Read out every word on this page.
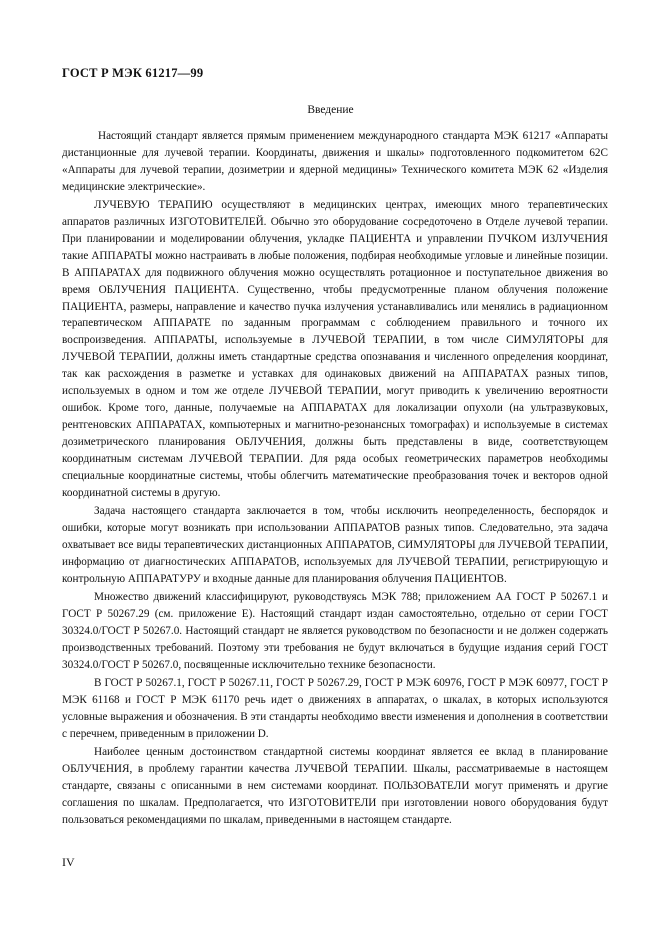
ГОСТ Р МЭК 61217—99
Введение

Настоящий стандарт является прямым применением международного стандарта МЭК 61217 «Аппараты дистанционные для лучевой терапии. Координаты, движения и шкалы» подготовленного подкомитетом 62С «Аппараты для лучевой терапии, дозиметрии и ядерной медицины» Технического комитета МЭК 62 «Изделия медицинские электрические».

ЛУЧЕВУЮ ТЕРАПИЮ осуществляют в медицинских центрах, имеющих много терапевтических аппаратов различных ИЗГОТОВИТЕЛЕЙ. Обычно это оборудование сосредоточено в Отделе лучевой терапии. При планировании и моделировании облучения, укладке ПАЦИЕНТА и управлении ПУЧКОМ ИЗЛУЧЕНИЯ такие АППАРАТЫ можно настраивать в любые положения, подбирая необходимые угловые и линейные позиции. В АППАРАТАХ для подвижного облучения можно осуществлять ротационное и поступательное движения во время ОБЛУЧЕНИЯ ПАЦИЕНТА. Существенно, чтобы предусмотренные планом облучения положение ПАЦИЕНТА, размеры, направление и качество пучка излучения устанавливались или менялись в радиационном терапевтическом АППАРАТЕ по заданным программам с соблюдением правильного и точного их воспроизведения. АППАРАТЫ, используемые в ЛУЧЕВОЙ ТЕРАПИИ, в том числе СИМУЛЯТОРЫ для ЛУЧЕВОЙ ТЕРАПИИ, должны иметь стандартные средства опознавания и численного определения координат, так как расхождения в разметке и уставках для одинаковых движений на АППАРАТАХ разных типов, используемых в одном и том же отделе ЛУЧЕВОЙ ТЕРАПИИ, могут приводить к увеличению вероятности ошибок. Кроме того, данные, получаемые на АППАРАТАХ для локализации опухоли (на ультразвуковых, рентгеновских АППАРАТАХ, компьютерных и магнитно-резонансных томографах) и используемые в системах дозиметрического планирования ОБЛУЧЕНИЯ, должны быть представлены в виде, соответствующем координатным системам ЛУЧЕВОЙ ТЕРАПИИ. Для ряда особых геометрических параметров необходимы специальные координатные системы, чтобы облегчить математические преобразования точек и векторов одной координатной системы в другую.

Задача настоящего стандарта заключается в том, чтобы исключить неопределенность, беспорядок и ошибки, которые могут возникать при использовании АППАРАТОВ разных типов. Следовательно, эта задача охватывает все виды терапевтических дистанционных АППАРАТОВ, СИМУЛЯТОРЫ для ЛУЧЕВОЙ ТЕРАПИИ, информацию от диагностических АППАРАТОВ, используемых для ЛУЧЕВОЙ ТЕРАПИИ, регистрирующую и контрольную АППАРАТУРУ и входные данные для планирования облучения ПАЦИЕНТОВ.

Множество движений классифицируют, руководствуясь МЭК 788; приложением АА ГОСТ Р 50267.1 и ГОСТ Р 50267.29 (см. приложение Е). Настоящий стандарт издан самостоятельно, отдельно от серии ГОСТ 30324.0/ГОСТ Р 50267.0. Настоящий стандарт не является руководством по безопасности и не должен содержать производственных требований. Поэтому эти требования не будут включаться в будущие издания серий ГОСТ 30324.0/ГОСТ Р 50267.0, посвященные исключительно технике безопасности.

В ГОСТ Р 50267.1, ГОСТ Р 50267.11, ГОСТ Р 50267.29, ГОСТ Р МЭК 60976, ГОСТ Р МЭК 60977, ГОСТ Р МЭК 61168 и ГОСТ Р МЭК 61170 речь идет о движениях в аппаратах, о шкалах, в которых используются условные выражения и обозначения. В эти стандарты необходимо ввести изменения и дополнения в соответствии с перечнем, приведенным в приложении D.

Наиболее ценным достоинством стандартной системы координат является ее вклад в планирование ОБЛУЧЕНИЯ, в проблему гарантии качества ЛУЧЕВОЙ ТЕРАПИИ. Шкалы, рассматриваемые в настоящем стандарте, связаны с описанными в нем системами координат. ПОЛЬЗОВАТЕЛИ могут применять и другие соглашения по шкалам. Предполагается, что ИЗГОТОВИТЕЛИ при изготовлении нового оборудования будут пользоваться рекомендациями по шкалам, приведенными в настоящем стандарте.

IV
